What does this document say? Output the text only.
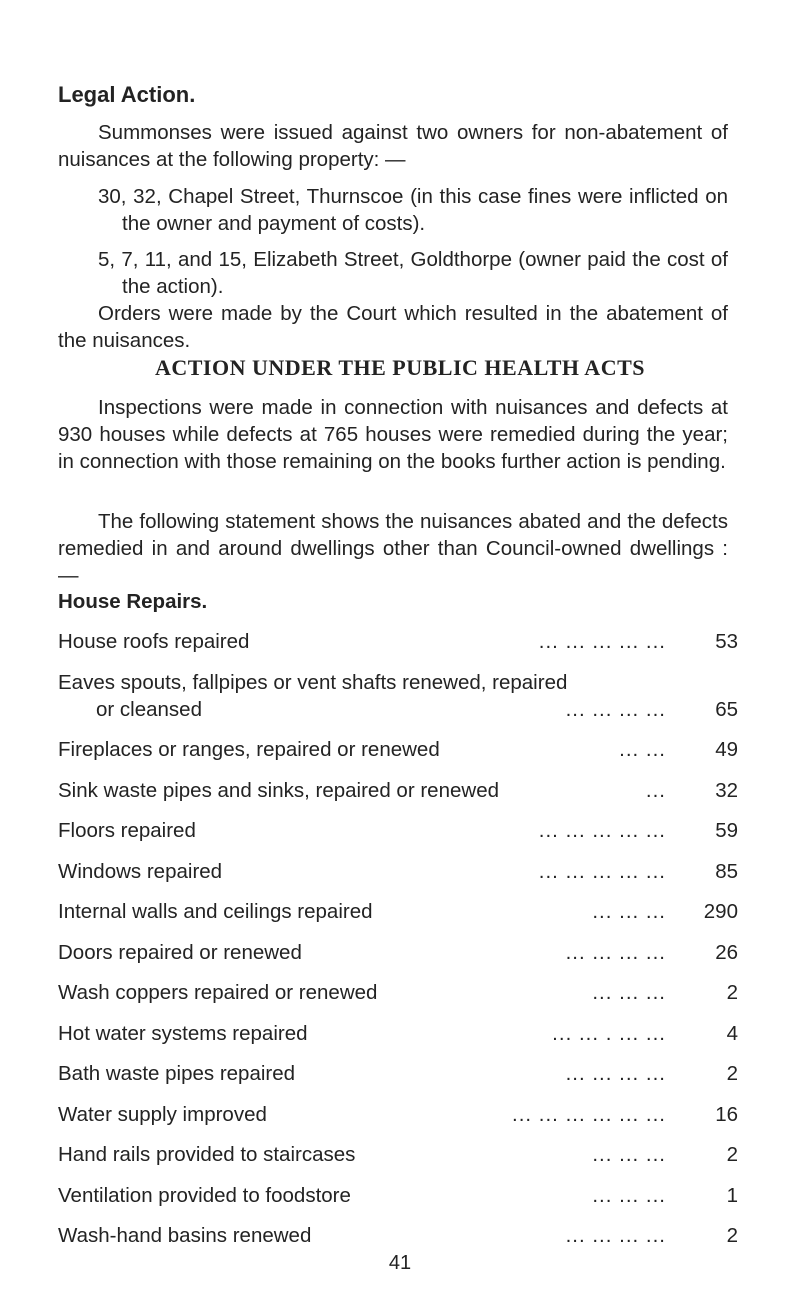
Legal Action.

Summonses were issued against two owners for non-abatement of nuisances at the following property: —

30, 32, Chapel Street, Thurnscoe (in this case fines were inflicted on the owner and payment of costs).

5, 7, 11, and 15, Elizabeth Street, Goldthorpe (owner paid the cost of the action).

Orders were made by the Court which resulted in the abatement of the nuisances.

ACTION UNDER THE PUBLIC HEALTH ACTS

Inspections were made in connection with nuisances and defects at 930 houses while defects at 765 houses were remedied during the year; in connection with those remaining on the books further action is pending.

The following statement shows the nuisances abated and the defects remedied in and around dwellings other than Council-owned dwellings : —

House Repairs.
House roofs repaired	... ... ... ... ...	53
Eaves spouts, fallpipes or vent shafts renewed, repaired or cleansed	... ... ... ...	65
Fireplaces or ranges, repaired or renewed	... ...	49
Sink waste pipes and sinks, repaired or renewed	...	32
Floors repaired	... ... ... ... ...	59
Windows repaired	... ... ... ... ...	85
Internal walls and ceilings repaired	... ... ...	290
Doors repaired or renewed	... ... ... ...	26
Wash coppers repaired or renewed	... ... ...	2
Hot water systems repaired	... ... . ... ...	4
Bath waste pipes repaired	... ... ... ...	2
Water supply improved	... ... ... ... ... ...	16
Hand rails provided to staircases	... ... ...	2
Ventilation provided to foodstore	... ... ...	1
Wash-hand basins renewed	... ... ... ...	2

41
